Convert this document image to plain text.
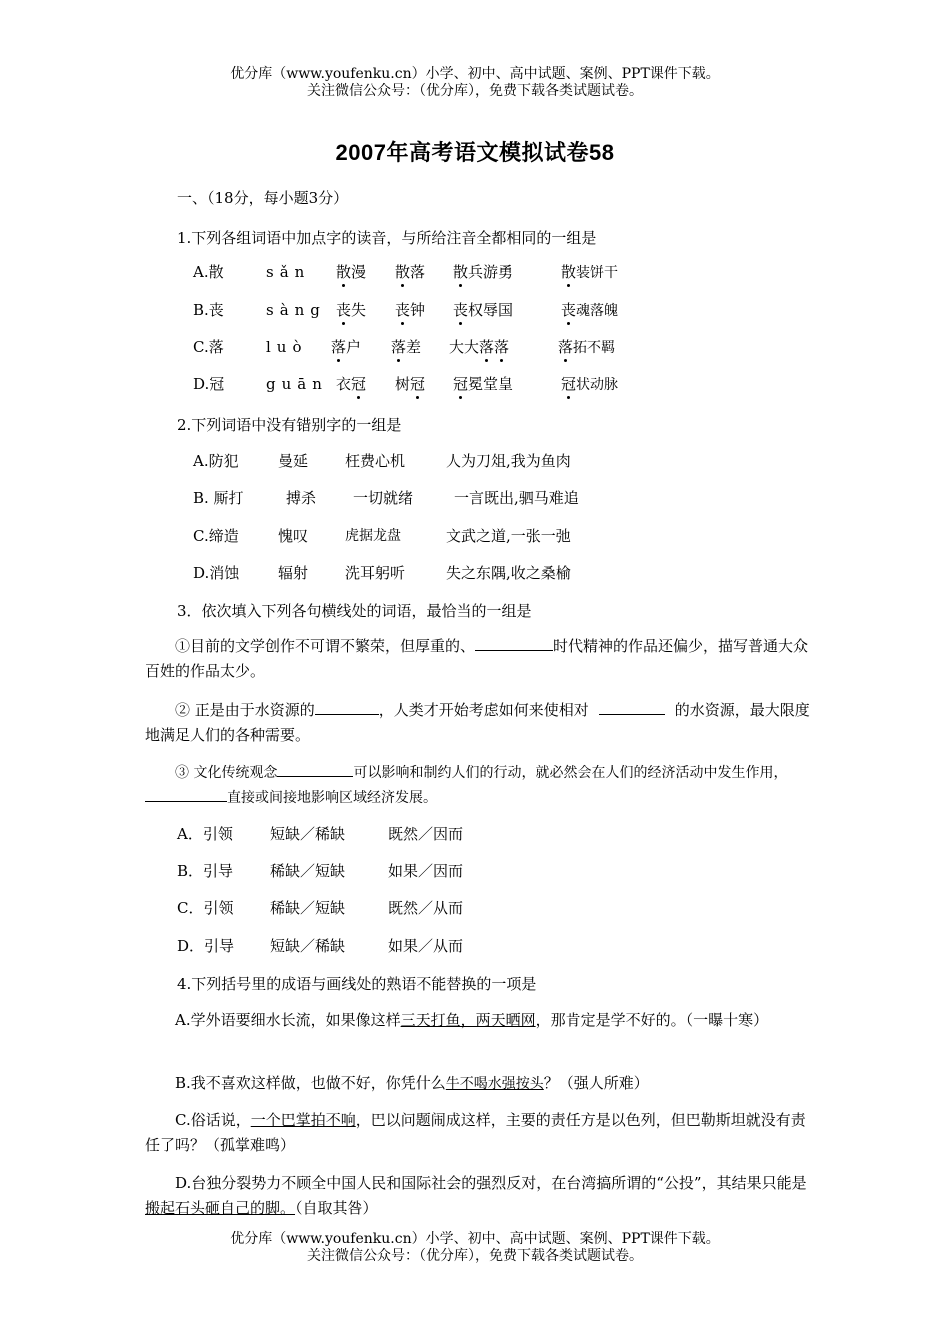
优分库（www.youfenku.cn）小学、初中、高中试题、案例、PPT课件下载。
关注微信公众号：（优分库），免费下载各类试题试卷。
2007年高考语文模拟试卷58
一、（18分，每小题3分）
1.下列各组词语中加点字的读音，与所给注音全都相同的一组是
A.散	sǎn 散漫 散落 散兵游勇	散装饼干
B.丧	sàng 丧失 丧钟 丧权辱国	丧魂落魄
C.落	luò 落户 落差 大大落落	落拓不羁
D.冠	guān 衣冠 树冠 冠冕堂皇	冠状动脉
2.下列词语中没有错别字的一组是
A.防犯	曼延 枉费心机	人为刀俎,我为鱼肉
B. 厮打	搏杀 一切就绪	一言既出,驷马难追
C.缔造	愧叹	虎据龙盘	文武之道,一张一弛
D.消蚀	辐射 洗耳躬听	失之东隅,收之桑榆
3．依次填入下列各句横线处的词语，最恰当的一组是
①目前的文学创作不可谓不繁荣，但厚重的、	时代精神的作品还偏少，描写普通大众百姓的作品太少。
② 正是由于水资源的	，人类才开始考虑如何来使相对	的水资源，最大限度地满足人们的各种需要。
③ 文化传统观念	可以影响和制约人们的行动，就必然会在人们的经济活动中发生作用，直接或间接地影响区域经济发展。
A．引领 短缺／稀缺	既然／因而
B．引导 稀缺／短缺	如果／因而
C．引领 稀缺／短缺	既然／从而
D．引导 短缺／稀缺	如果／从而
4.下列括号里的成语与画线处的熟语不能替换的一项是
A.学外语要细水长流，如果像这样三天打鱼，两天晒网，那肯定是学不好的。（一曝十寒）
B.我不喜欢这样做，也做不好，你凭什么牛不喝水强按头？（强人所难）
C.俗话说，一个巴掌拍不响，巴以问题闹成这样，主要的责任方是以色列，但巴勒斯坦就没有责任了吗？（孤掌难鸣）
D.台独分裂势力不顾全中国人民和国际社会的强烈反对，在台湾搞所谓的“公投”，其结果只能是搬起石头砸自己的脚。（自取其咎）
优分库（www.youfenku.cn）小学、初中、高中试题、案例、PPT课件下载。
关注微信公众号：（优分库），免费下载各类试题试卷。
